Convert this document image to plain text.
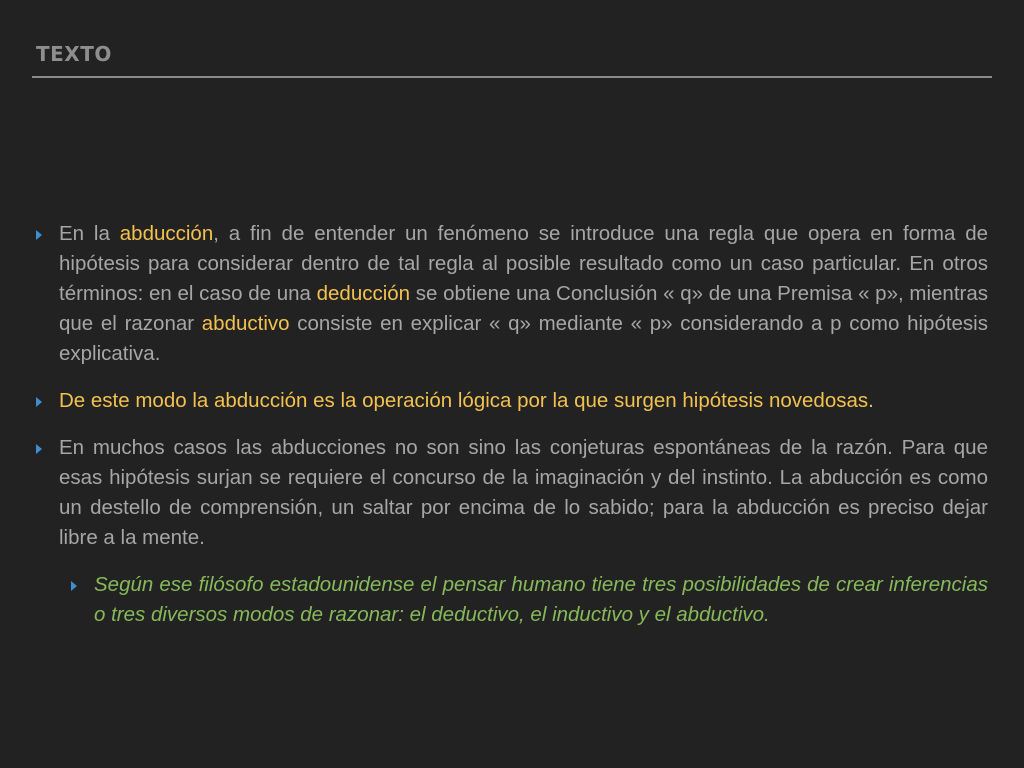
TEXTO
En la abducción, a fin de entender un fenómeno se introduce una regla que opera en forma de hipótesis para considerar dentro de tal regla al posible resultado como un caso particular. En otros términos: en el caso de una deducción se obtiene una Conclusión « q» de una Premisa « p», mientras que el razonar abductivo consiste en explicar « q» mediante « p» considerando a p como hipótesis explicativa.
De este modo la abducción es la operación lógica por la que surgen hipótesis novedosas.
En muchos casos las abducciones no son sino las conjeturas espontáneas de la razón. Para que esas hipótesis surjan se requiere el concurso de la imaginación y del instinto. La abducción es como un destello de comprensión, un saltar por encima de lo sabido; para la abducción es preciso dejar libre a la mente.
Según ese filósofo estadounidense el pensar humano tiene tres posibilidades de crear inferencias o tres diversos modos de razonar: el deductivo, el inductivo y el abductivo.
